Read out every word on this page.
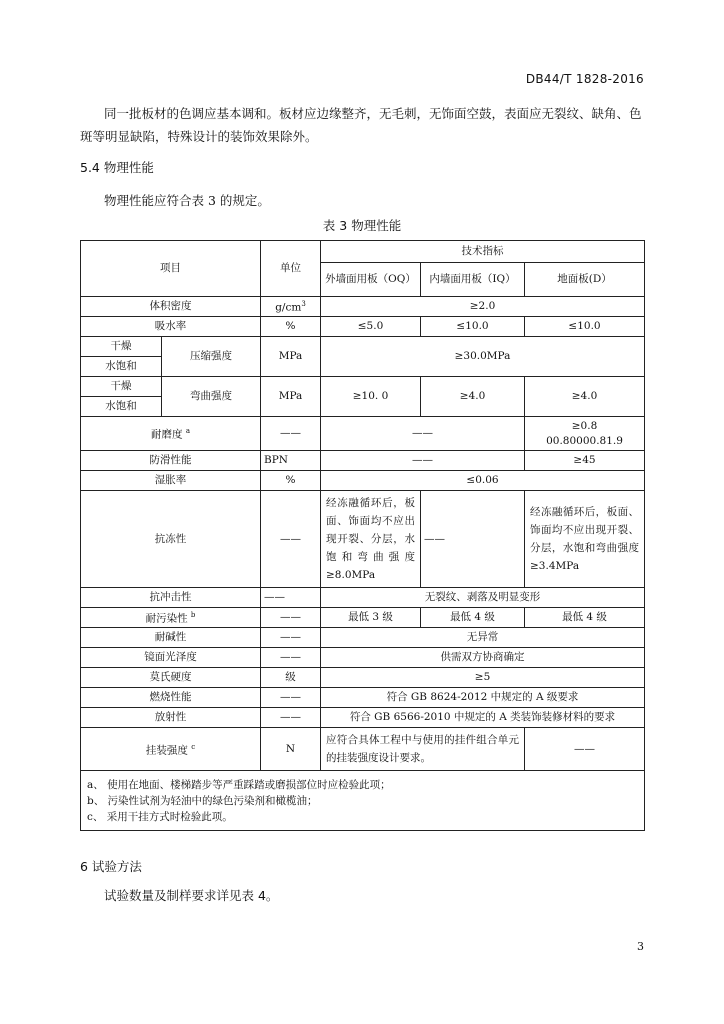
DB44/T 1828-2016
同一批板材的色调应基本调和。板材应边缘整齐，无毛刺，无饰面空鼓，表面应无裂纹、缺角、色斑等明显缺陷，特殊设计的装饰效果除外。
5.4 物理性能
物理性能应符合表 3 的规定。
表 3 物理性能
项目		单位	技术指标		
			外墙面用板（OQ）	内墙面用板（IQ）	地面板(D）
体积密度		$g/cm^3$	≥2.0		
吸水率		%	≤5.0	≤10.0	≤10.0
干燥	压缩强度	MPa	≥30.0MPa		
水饱和					
干燥	弯曲强度	MPa	≥10. 0	≥4.0	≥4.0
水饱和					
耐磨度 $^a$		——	——		≥0.8
00.80000.81.9

防滑性能		BPN	——		≥45
湿胀率		%	≤0.06		
抗冻性		——	经冻融循环后，板面、饰面均不应出现开裂、分层，水饱和弯曲强度≥8.0MPa	——	经冻融循环后，板面、饰面均不应出现开裂、分层，水饱和弯曲强度≥3.4MPa
抗冲击性		——	无裂纹、剥落及明显变形		
耐污染性 $^b$		——	最低 3 级	最低 4 级	最低 4 级
耐碱性		——	无异常		
镜面光泽度		——	供需双方协商确定		
莫氏硬度		级	≥5		
燃烧性能		——	符合 GB 8624-2012 中规定的 A 级要求		
放射性		——	符合 GB 6566-2010 中规定的 A 类装饰装修材料的要求		
挂装强度 $^c$		N	应符合具体工程中与使用的挂件组合单元的挂装强度设计要求。		——

a、 使用在地面、楼梯踏步等严重踩踏或磨损部位时应检验此项；
b、 污染性试剂为轻油中的绿色污染剂和橄榄油；
c、 采用干挂方式时检验此项。					
6 试验方法
试验数量及制样要求详见表 4。
3
